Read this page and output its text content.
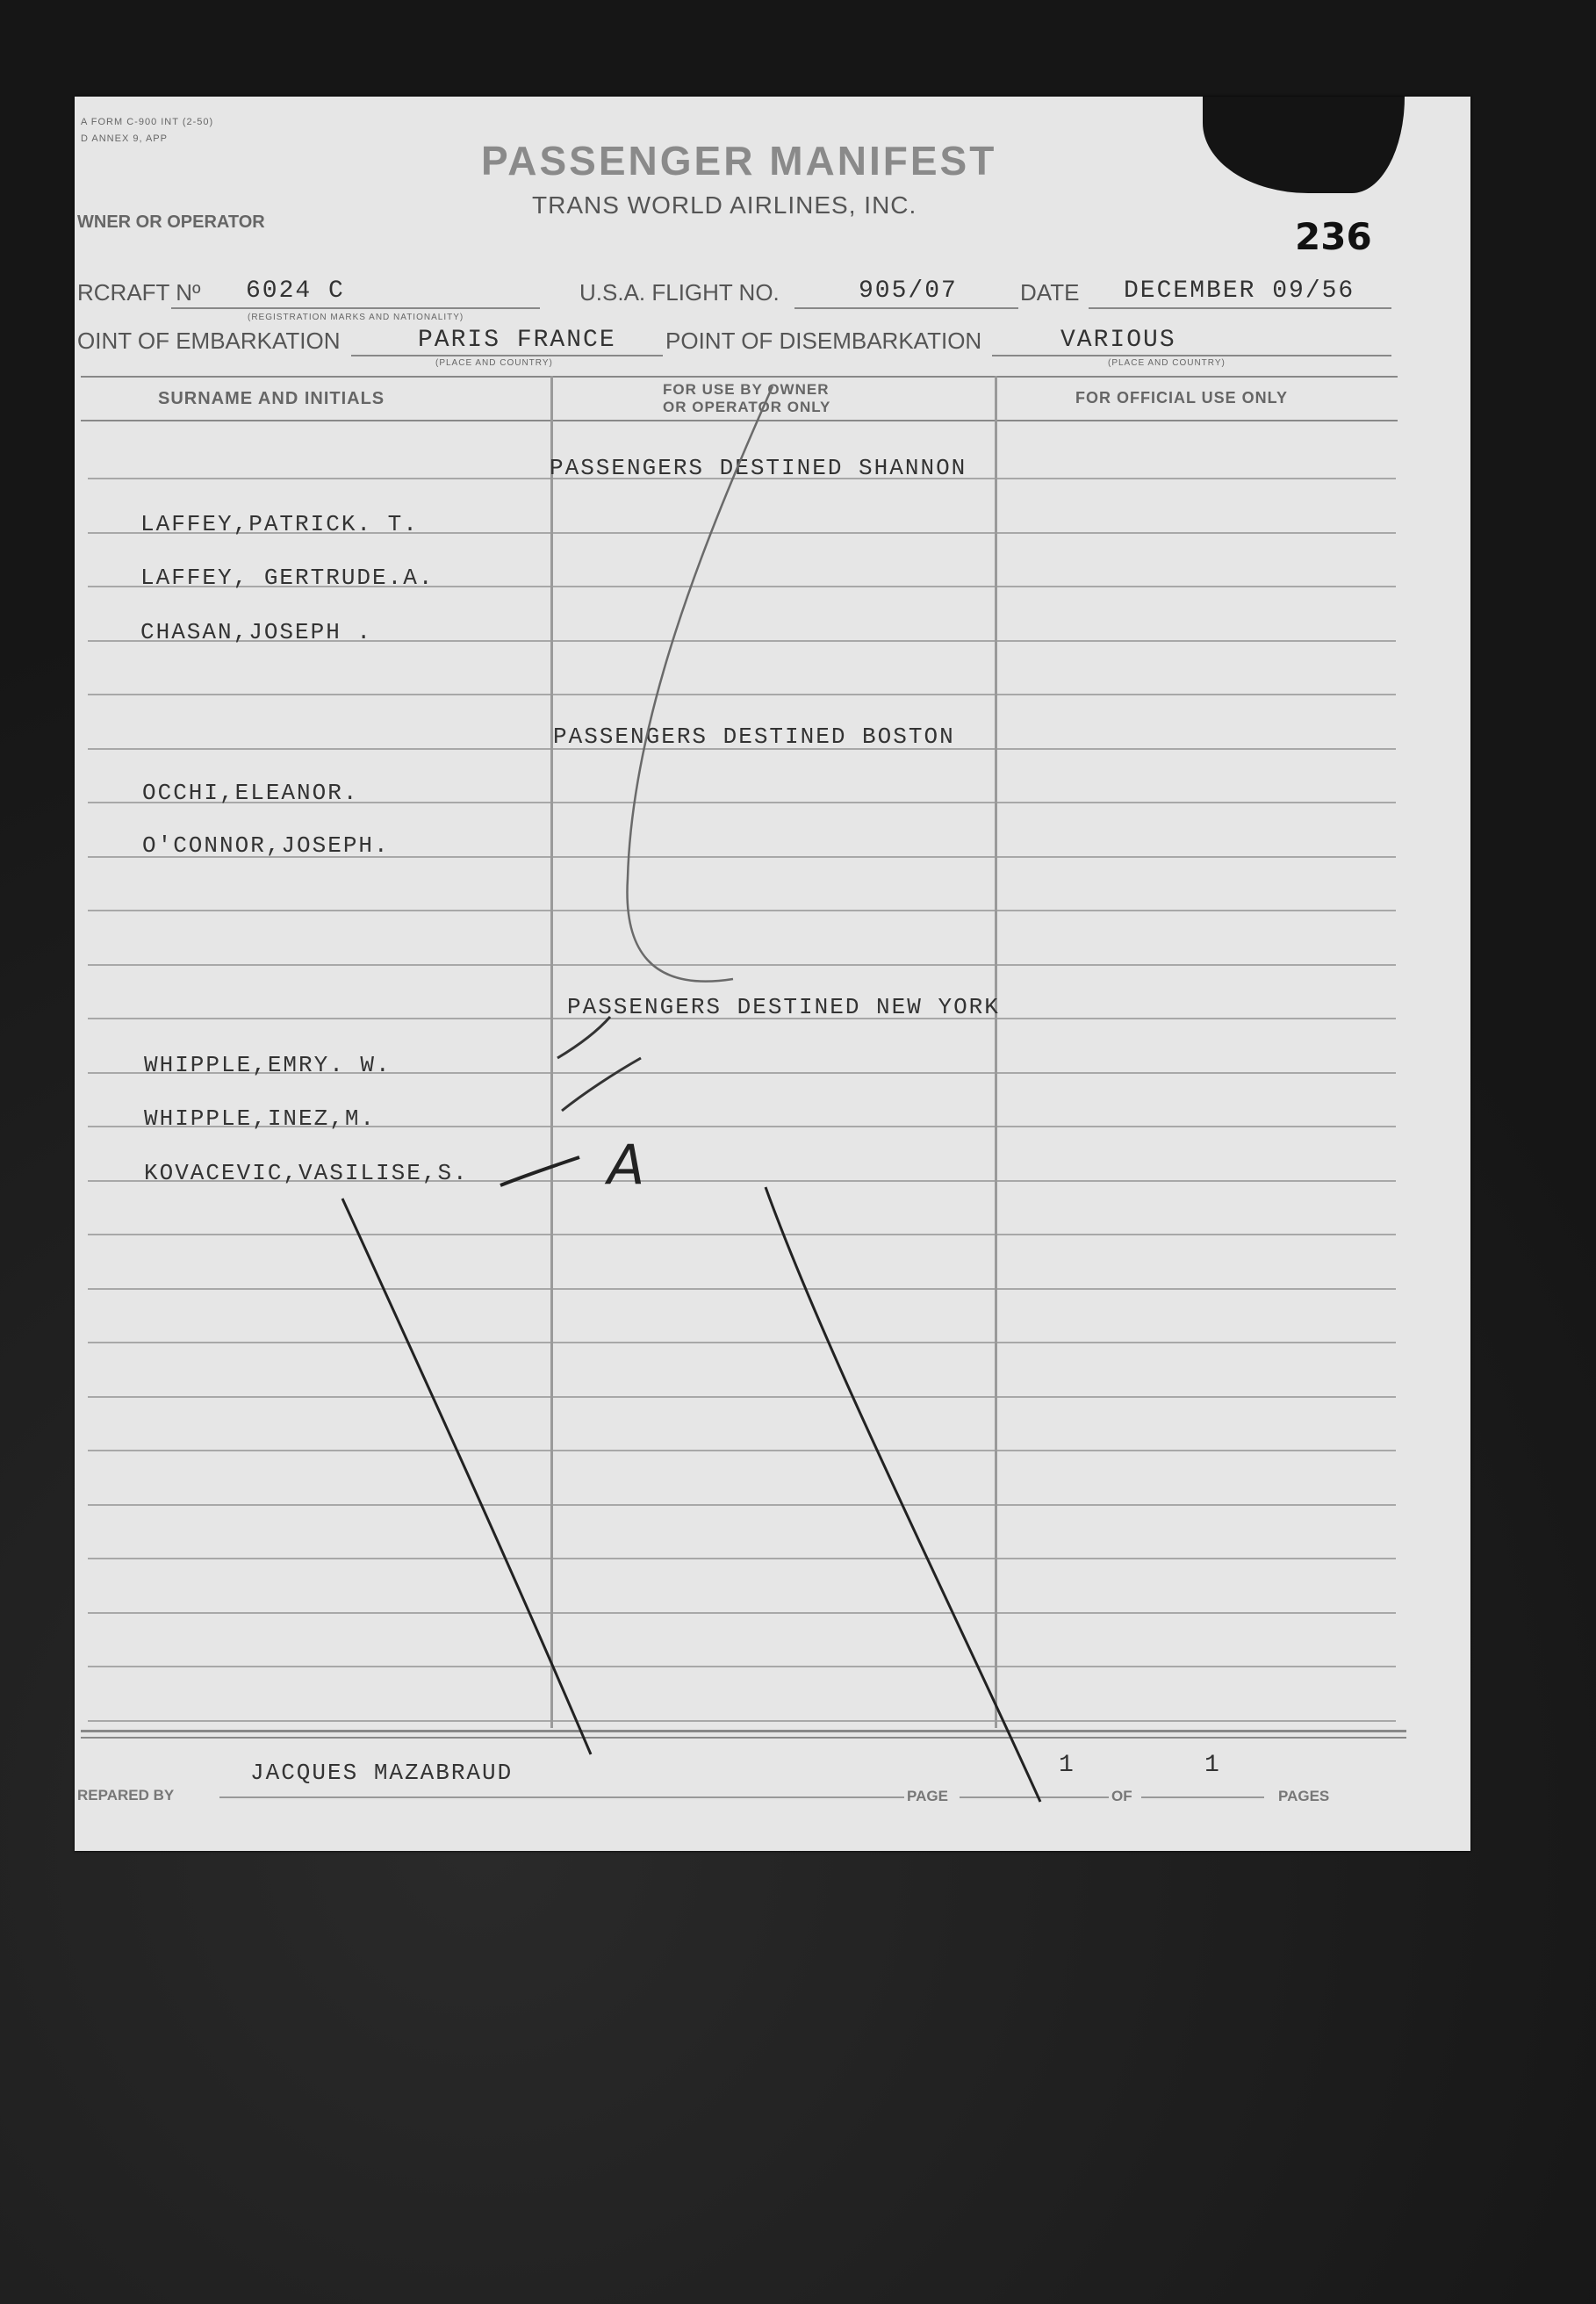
A FORM C-900 INT (2-50)
D ANNEX 9, APP	PASSENGER MANIFEST
TRANS WORLD AIRLINES, INC.
WNER OR OPERATOR	236
RCRAFT Nº 6024 C
(REGISTRATION MARKS AND NATIONALITY)
U.S.A. FLIGHT NO.	905/07	DATE DECEMBER 09/56
OINT OF EMBARKATION	PARIS FRANCE
(PLACE AND COUNTRY)
POINT OF DISEMBARKATION	VARIOUS
(PLACE AND COUNTRY)
SURNAME AND INITIALS	FOR USE BY OWNER
OR OPERATOR ONLY
FOR OFFICIAL USE ONLY
PASSENGERS DESTINED SHANNON
LAFFEY,PATRICK. T.
LAFFEY, GERTRUDE.A.
CHASAN,JOSEPH .
PASSENGERS DESTINED BOSTON
OCCHI,ELEANOR.
O'CONNOR,JOSEPH.
PASSENGERS DESTINED NEW YORK
WHIPPLE,EMRY. W.
WHIPPLE,INEZ,M.
KOVACEVIC,VASILISE,S.	A
REPARED BY
JACQUES MAZABRAUD
PAGE
1
OF
1
PAGES
